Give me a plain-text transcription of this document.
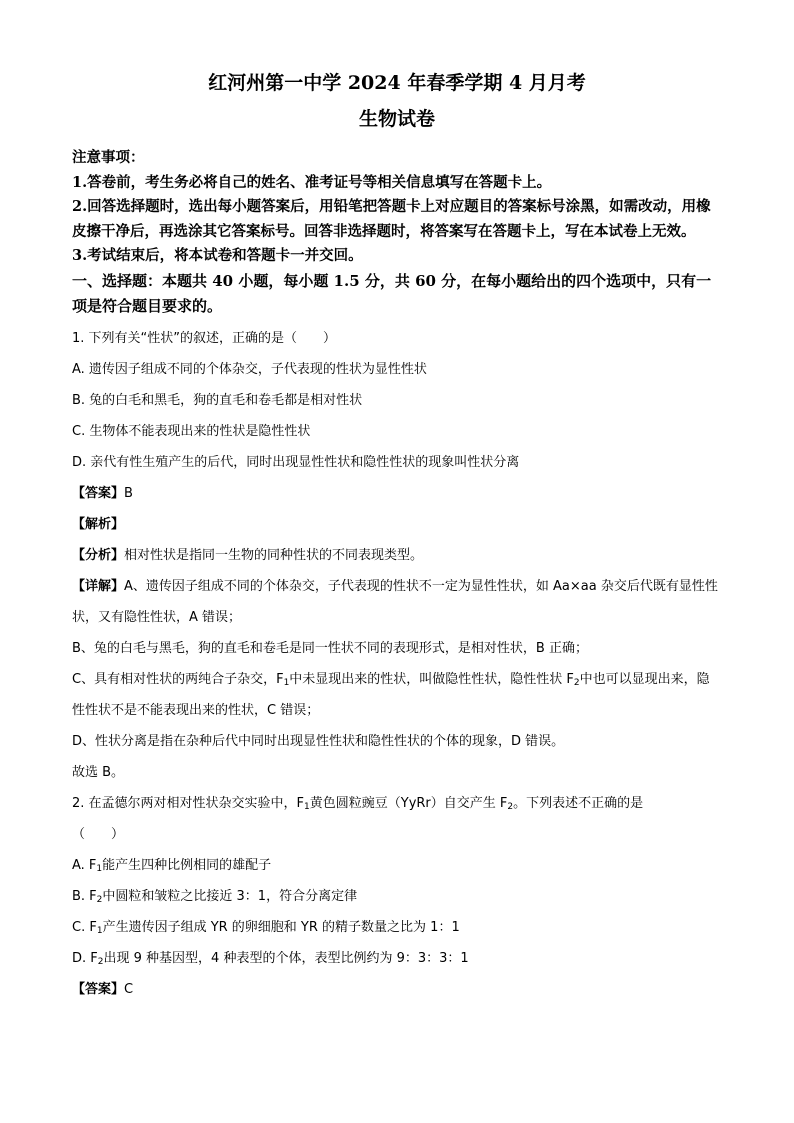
红河州第一中学 2024 年春季学期 4 月月考
生物试卷

注意事项：

1.答卷前，考生务必将自己的姓名、准考证号等相关信息填写在答题卡上。

2.回答选择题时，选出每小题答案后，用铅笔把答题卡上对应题目的答案标号涂黑，如需改动，用橡皮擦干净后，再选涂其它答案标号。回答非选择题时，将答案写在答题卡上，写在本试卷上无效。

3.考试结束后，将本试卷和答题卡一并交回。

一、选择题：本题共 40 小题，每小题 1.5 分，共 60 分，在每小题给出的四个选项中，只有一项是符合题目要求的。

1. 下列有关“性状”的叙述，正确的是（　　）

A. 遗传因子组成不同的个体杂交，子代表现的性状为显性性状

B. 兔的白毛和黑毛，狗的直毛和卷毛都是相对性状

C. 生物体不能表现出来的性状是隐性性状

D. 亲代有性生殖产生的后代，同时出现显性性状和隐性性状的现象叫性状分离

【答案】B

【解析】

【分析】相对性状是指同一生物的同种性状的不同表现类型。

【详解】A、遗传因子组成不同的个体杂交，子代表现的性状不一定为显性性状，如 Aa×aa 杂交后代既有显性性状，又有隐性性状，A 错误；

B、兔的白毛与黑毛，狗的直毛和卷毛是同一性状不同的表现形式，是相对性状，B 正确；

C、具有相对性状的两纯合子杂交，$F_1$中未显现出来的性状，叫做隐性性状，隐性性状 $F_2$中也可以显现出来，隐性性状不是不能表现出来的性状，C 错误；

D、性状分离是指在杂种后代中同时出现显性性状和隐性性状的个体的现象，D 错误。

故选 B。

2. 在孟德尔两对相对性状杂交实验中，$F_1$黄色圆粒豌豆（YyRr）自交产生 $F_2$。下列表述不正确的是

（　　）

A. $F_1$能产生四种比例相同的雄配子

B. $F_2$中圆粒和皱粒之比接近 3：1，符合分离定律

C. $F_1$产生遗传因子组成 YR 的卵细胞和 YR 的精子数量之比为 1：1

D. $F_2$出现 9 种基因型，4 种表型的个体，表型比例约为 9：3：3：1

【答案】C
